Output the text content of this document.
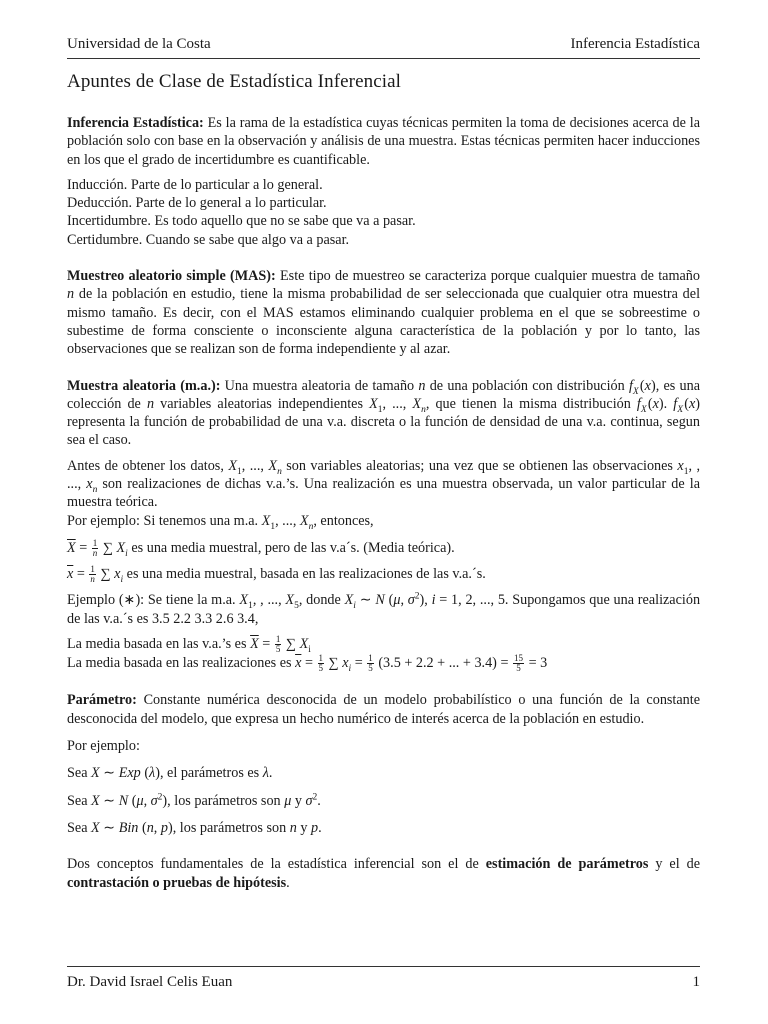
Universidad de la Costa	Inferencia Estadística
Apuntes de Clase de Estadística Inferencial

Inferencia Estadística: Es la rama de la estadística cuyas técnicas permiten la toma de decisiones acerca de la población solo con base en la observación y análisis de una muestra. Estas técnicas permiten hacer inducciones en los que el grado de incertidumbre es cuantificable.

Inducción. Parte de lo particular a lo general.
Deducción. Parte de lo general a lo particular.
Incertidumbre. Es todo aquello que no se sabe que va a pasar.
Certidumbre. Cuando se sabe que algo va a pasar.

Muestreo aleatorio simple (MAS): Este tipo de muestreo se caracteriza porque cualquier muestra de tamaño n de la población en estudio, tiene la misma probabilidad de ser seleccionada que cualquier otra muestra del mismo tamaño. Es decir, con el MAS estamos eliminando cualquier problema en el que se sobreestime o subestime de forma consciente o inconsciente alguna característica de la población y por lo tanto, las observaciones que se realizan son de forma independiente y al azar.

Muestra aleatoria (m.a.): Una muestra aleatoria de tamaño n de una población con distribución $f_X$ (x), es una colección de n variables aleatorias independientes $X_1$, ..., $X_n$, que tienen la misma distribución $f_X$ (x). $f_X$ (x) representa la función de probabilidad de una v.a. discreta o la función de densidad de una v.a. continua, segun sea el caso.

Antes de obtener los datos, $X_1$, ..., $X_n$ son variables aleatorias; una vez que se obtienen las observaciones $x_1$, , ..., $x_n$ son realizaciones de dichas v.a.’s. Una realización es una muestra observada, un valor particular de la muestra teórica.

Por ejemplo: Si tenemos una m.a. $X_1$, ..., $X_n$, entonces,

$\overline{X} = \frac{1}{n}$ ∑ $X_i$ es una media muestral, pero de las v.a´s. (Media teórica).

$\overline{x} = \frac{1}{n}$ ∑ $x_i$ es una media muestral, basada en las realizaciones de las v.a.´s.

Ejemplo (∗): Se tiene la m.a. $X_1$, , ..., $X_5$, donde $X_i$ ∼ N (μ, $\sigma^2$), i = 1, 2, ..., 5. Supongamos que una realización de las v.a.´s es 3.5 2.2 3.3 2.6 3.4,

La media basada en las v.a.’s es $\overline{X} = \frac{1}{5}$ ∑ $X_i$

La media basada en las realizaciones es $\overline{x} = \frac{1}{5}$ ∑ $x_i = \frac{1}{5} (3.5 + 2.2$ + ... + $3.4) = \frac{15}{5} = 3$

Parámetro: Constante numérica desconocida de un modelo probabilístico o una función de la constante desconocida del modelo, que expresa un hecho numérico de interés acerca de la población en estudio.

Por ejemplo:

Sea X ∼ Exp (λ), el parámetros es λ.

Sea X ∼ N (μ, $\sigma^2$), los parámetros son μ y $\sigma^2$.

Sea X ∼ Bin (n, p), los parámetros son n y p.

Dos conceptos fundamentales de la estadística inferencial son el de estimación de parámetros y el de contrastación o pruebas de hipótesis.

Dr. David Israel Celis Euan	1
